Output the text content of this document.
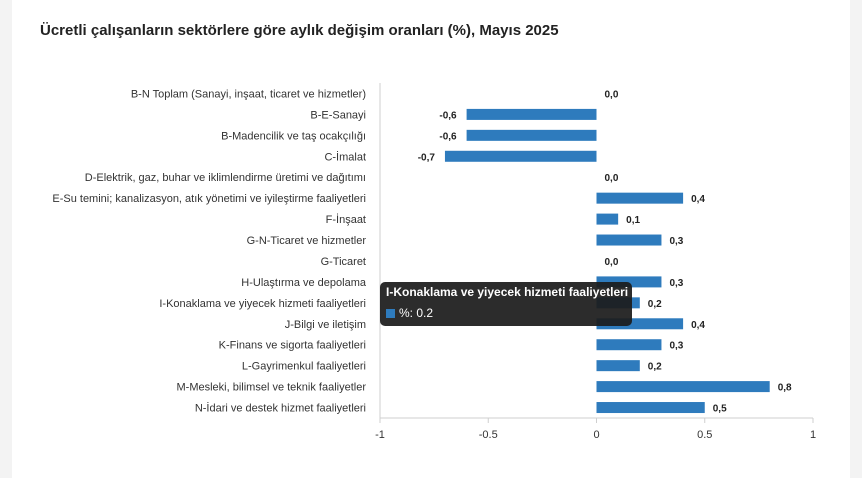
Ücretli çalışanların sektörlere göre aylık değişim oranları (%), Mayıs 2025
-1	-0.5	0	0.5	1
B-N Toplam (Sanayi, inşaat, ticaret ve hizmetler)	0,0
B-E-Sanayi	-0,6
B-Madencilik ve taş ocakçılığı	-0,6
C-İmalat	-0,7
D-Elektrik, gaz, buhar ve iklimlendirme üretimi ve dağıtımı	0,0
E-Su temini; kanalizasyon, atık yönetimi ve iyileştirme faaliyetleri	0,4
F-İnşaat	0,1
G-N-Ticaret ve hizmetler	0,3
G-Ticaret	0,0
H-Ulaştırma ve depolama	0,3
I-Konaklama ve yiyecek hizmeti faaliyetleri	0,2
J-Bilgi ve iletişim	0,4
K-Finans ve sigorta faaliyetleri	0,3
L-Gayrimenkul faaliyetleri	0,2
M-Mesleki, bilimsel ve teknik faaliyetler	0,8
N-İdari ve destek hizmet faaliyetleri	0,5
I-Konaklama ve yiyecek hizmeti faaliyetleri
%: 0.2
